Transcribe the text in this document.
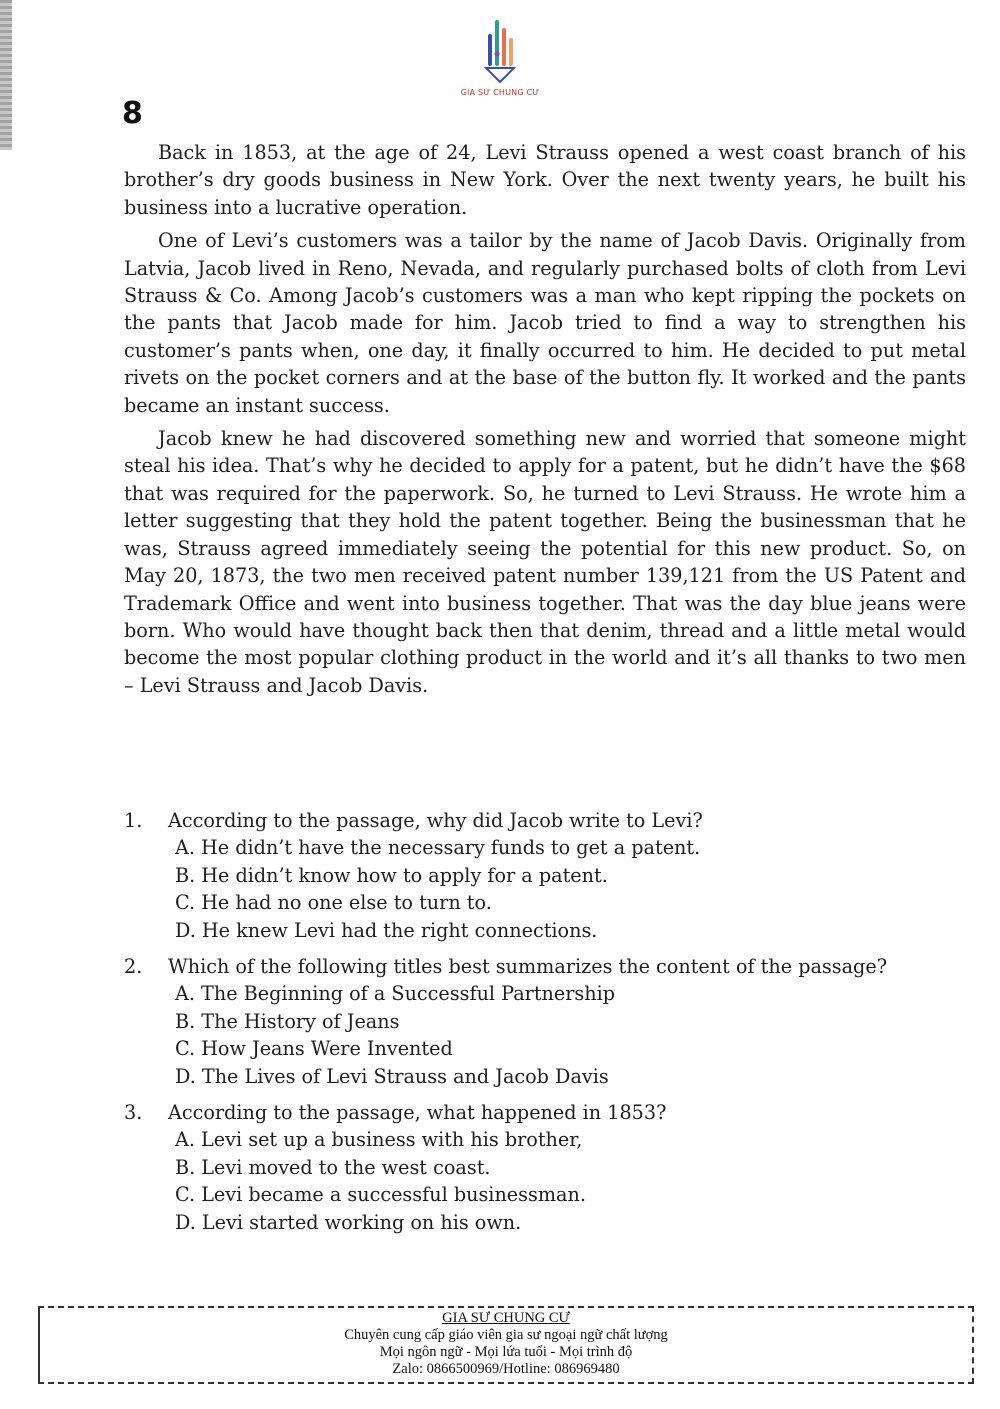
GIA SƯ CHUNG CƯ
8

Back in 1853, at the age of 24, Levi Strauss opened a west coast branch of his brother’s dry goods business in New York. Over the next twenty years, he built his business into a lucrative operation.

One of Levi’s customers was a tailor by the name of Jacob Davis. Originally from Latvia, Jacob lived in Reno, Nevada, and regularly purchased bolts of cloth from Levi Strauss & Co. Among Jacob’s customers was a man who kept ripping the pockets on the pants that Jacob made for him. Jacob tried to find a way to strengthen his customer’s pants when, one day, it finally occurred to him. He decided to put metal rivets on the pocket corners and at the base of the button fly. It worked and the pants became an instant success.

Jacob knew he had discovered something new and worried that someone might steal his idea. That’s why he decided to apply for a patent, but he didn’t have the $68 that was required for the paperwork. So, he turned to Levi Strauss. He wrote him a letter suggesting that they hold the patent together. Being the businessman that he was, Strauss agreed immediately seeing the potential for this new product. So, on May 20, 1873, the two men received patent number 139,121 from the US Patent and Trademark Office and went into business together. That was the day blue jeans were born. Who would have thought back then that denim, thread and a little metal would become the most popular clothing product in the world and it’s all thanks to two men – Levi Strauss and Jacob Davis.

1.	According to the passage, why did Jacob write to Levi?
A. He didn’t have the necessary funds to get a patent.
B. He didn’t know how to apply for a patent.
C. He had no one else to turn to.
D. He knew Levi had the right connections.
2.	Which of the following titles best summarizes the content of the passage?
A. The Beginning of a Successful Partnership
B. The History of Jeans
C. How Jeans Were Invented
D. The Lives of Levi Strauss and Jacob Davis
3.	According to the passage, what happened in 1853?
A. Levi set up a business with his brother,
B. Levi moved to the west coast.
C. Levi became a successful businessman.
D. Levi started working on his own.
GIA SƯ CHUNG CƯ
Chuyên cung cấp giáo viên gia sư ngoại ngữ chất lượng
Mọi ngôn ngữ - Mọi lứa tuổi - Mọi trình độ
Zalo: 0866500969/Hotline: 086969480
